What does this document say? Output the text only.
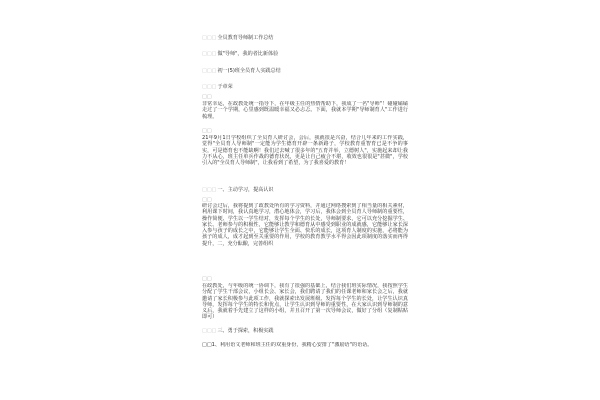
□□□全员教育导师制工作总结
□□□做"导师"，我的者比新体验
□□□初一(5)班全员育人实践总结
□□□于章荣
□□
非常幸运，在政教处统一指导下，在年级主任的热情帮助下，我成了一名"导师"！碰碰磕磕走过了一个学期，心里感到既温暖幸福又必忐忑。下面，我就本学期"导师制育人"工作进行梳理。
□□
21年9月1日学校组织了全员育人研讨会，会后，我就很是兴奋，结合几年来的工作实践，觉得"全员育人导师制"一定能为学生德育开辟一条新路子，学校教育重智育已是不争的事实，可是德育也不能缺啊！我们过去喊了很多年的"五育并举，立德树人"，实施起来却让我力不从心，班主任单兵作战的德育状况，更是让自己疲合不堪，收效也很很是"甚微"，学校引入的"全员育人导师制"，让我看到了希望，为了我喜爱的教育！
□□□一、主动学习，提高认识
□□
研讨会过后，我将提到了政教处所有的学习资料，并通过网络搜索到了相当量的相关素材，利用课下时间，我认真地学习，潜心地体会，学习后，我体会到全员育人导师制的重要性，操作简便、学生以一学生结对，发挥每个学生的长处，导师制要求，它可以充分挖掘学生、家长、老师参与的积极性，它能够让教学和德育从中感受到职业的成就感，它能够让家长深入参与孩子的成长之中，它能够让学生全面、快乐的成长，这项育人制度的实施，必将能为孩子的成人，成才起到至关重要的作用，学校的教育教学水平得会因此项制度的落实而再得提升，二，充分酝酿，完善组织
□□
在政教处，与年级的统一协调下，我有了很强的基础上，结合我们班实际情况，我按照学生分配了学生干部会议，小组长会、家长会，我们聘请了我们的任课老师和家长会之后，我就邀请了家长积极参与此项工作，我就探索出发展班级、发挥每个学生的长处，让学生认识真导师，发挥每个学生的特长和优点，让学生认识到导师的重要性，在大家认识到导师制的意义后，我就着手先建立了这样的小组，并且召开了第一次导师会议，做好了分组（复制粘贴即可）
□□□三、勇于探索，积极实践
□□1、利用语文老师和班主任的双重身份，我精心安排了"激励语"的语话。
